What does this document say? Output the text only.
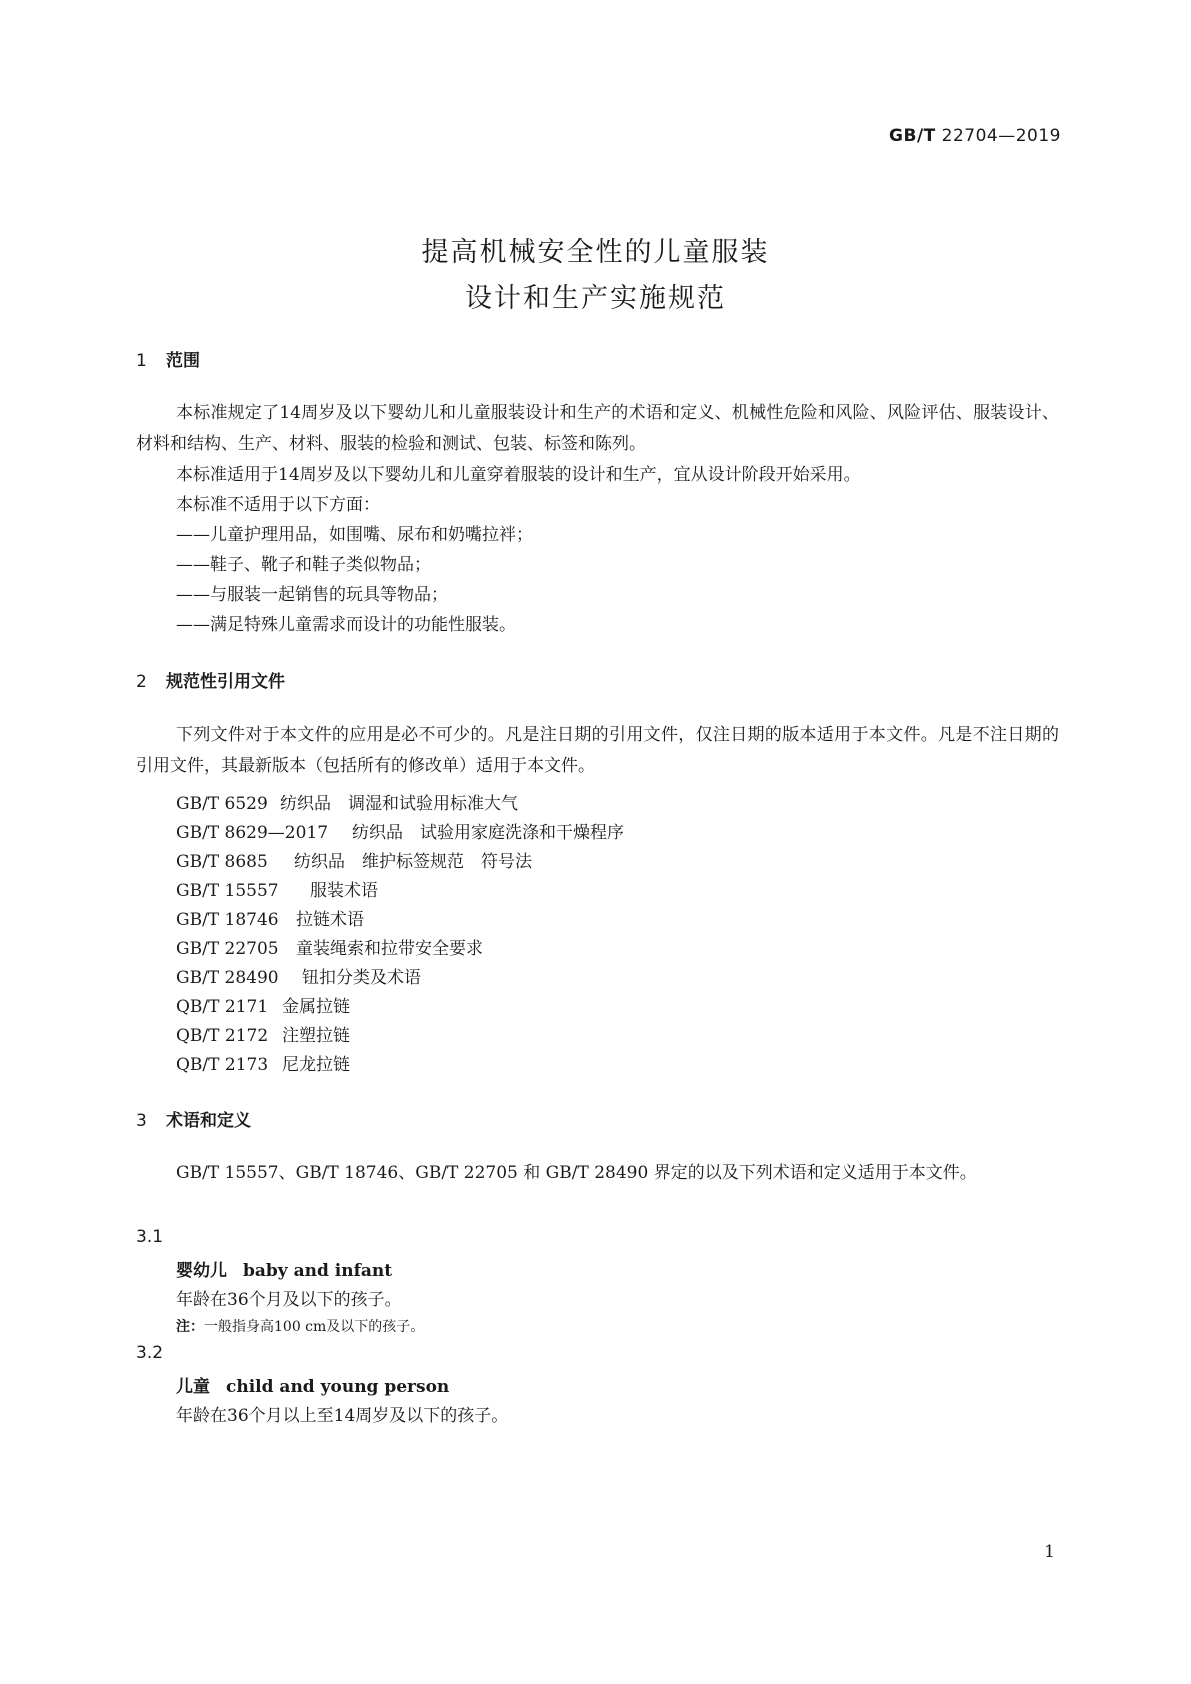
GB/T 22704—2019
提高机械安全性的儿童服装
设计和生产实施规范
1 范围
本标准规定了14周岁及以下婴幼儿和儿童服装设计和生产的术语和定义、机械性危险和风险、风险评估、服装设计、材料和结构、生产、材料、服装的检验和测试、包装、标签和陈列。
本标准适用于14周岁及以下婴幼儿和儿童穿着服装的设计和生产，宜从设计阶段开始采用。
本标准不适用于以下方面：
——儿童护理用品，如围嘴、尿布和奶嘴拉袢；
——鞋子、靴子和鞋子类似物品；
——与服装一起销售的玩具等物品；
——满足特殊儿童需求而设计的功能性服装。
2 规范性引用文件
下列文件对于本文件的应用是必不可少的。凡是注日期的引用文件，仅注日期的版本适用于本文件。凡是不注日期的引用文件，其最新版本（包括所有的修改单）适用于本文件。
GB/T 6529 纺织品　调湿和试验用标准大气
GB/T 8629—2017 纺织品　试验用家庭洗涤和干燥程序
GB/T 8685 纺织品　维护标签规范　符号法
GB/T 15557 服装术语
GB/T 18746 拉链术语
GB/T 22705 童装绳索和拉带安全要求
GB/T 28490 钮扣分类及术语
QB/T 2171 金属拉链
QB/T 2172 注塑拉链
QB/T 2173 尼龙拉链
3 术语和定义
GB/T 15557、GB/T 18746、GB/T 22705 和 GB/T 28490 界定的以及下列术语和定义适用于本文件。
3.1
婴幼儿 baby and infant
年龄在36个月及以下的孩子。
注：一般指身高100 cm及以下的孩子。
3.2
儿童 child and young person
年龄在36个月以上至14周岁及以下的孩子。
1
